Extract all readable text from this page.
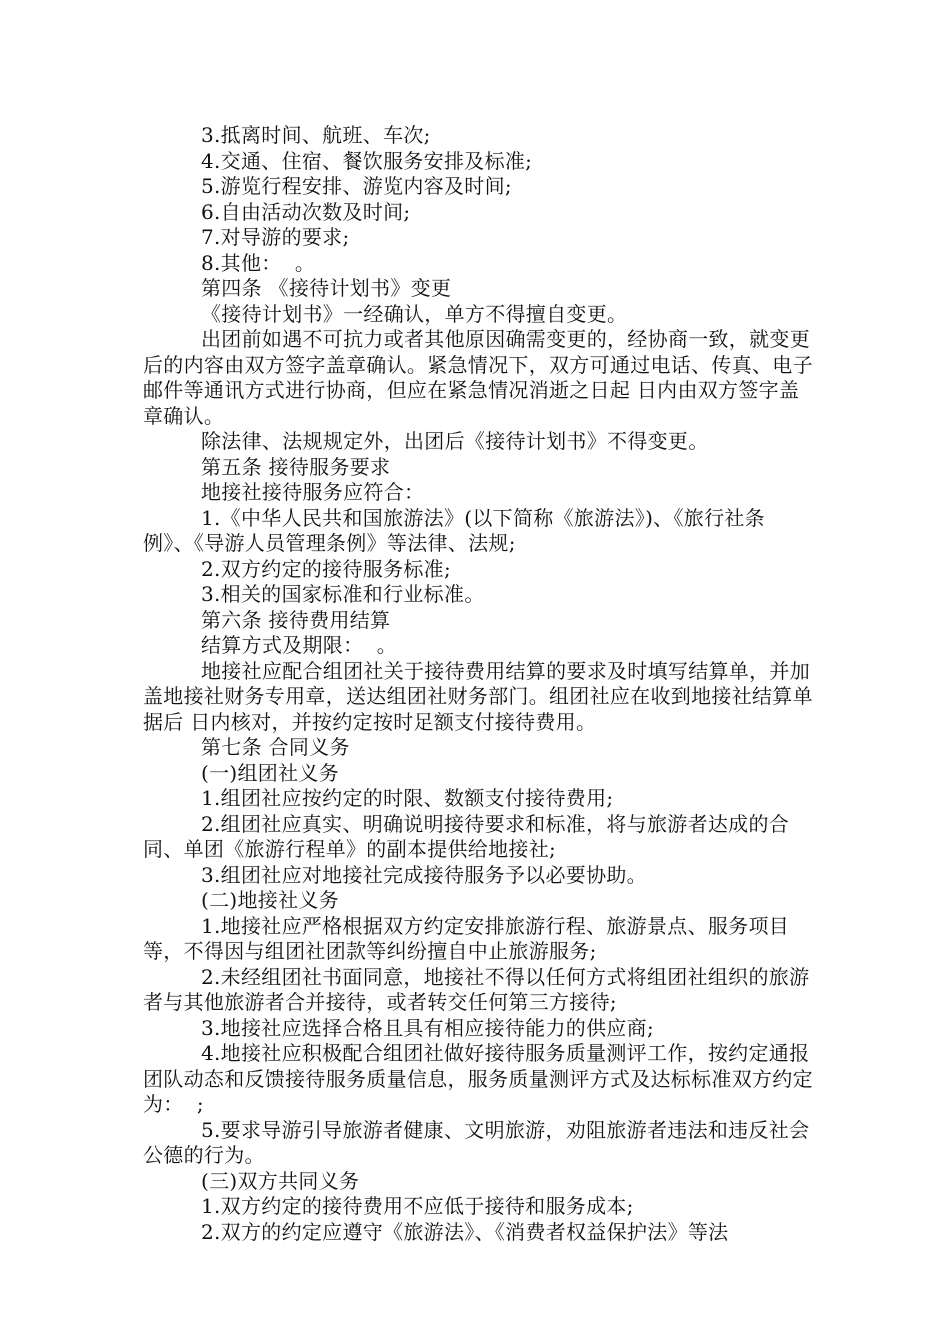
3.抵离时间、航班、车次;

4.交通、住宿、餐饮服务安排及标准;

5.游览行程安排、游览内容及时间;

6.自由活动次数及时间;

7.对导游的要求;

8.其他：  。

第四条 《接待计划书》变更

《接待计划书》一经确认，单方不得擅自变更。

出团前如遇不可抗力或者其他原因确需变更的，经协商一致，就变更后的内容由双方签字盖章确认。紧急情况下，双方可通过电话、传真、电子邮件等通讯方式进行协商，但应在紧急情况消逝之日起 日内由双方签字盖章确认。

除法律、法规规定外，出团后《接待计划书》不得变更。

第五条 接待服务要求

地接社接待服务应符合：

1.《中华人民共和国旅游法》(以下简称《旅游法》)、《旅行社条例》、《导游人员管理条例》等法律、法规;

2.双方约定的接待服务标准;

3.相关的国家标准和行业标准。

第六条 接待费用结算

结算方式及期限：  。

地接社应配合组团社关于接待费用结算的要求及时填写结算单，并加盖地接社财务专用章，送达组团社财务部门。组团社应在收到地接社结算单据后 日内核对，并按约定按时足额支付接待费用。

第七条 合同义务

(一)组团社义务

1.组团社应按约定的时限、数额支付接待费用;

2.组团社应真实、明确说明接待要求和标准，将与旅游者达成的合同、单团《旅游行程单》的副本提供给地接社;

3.组团社应对地接社完成接待服务予以必要协助。

(二)地接社义务

1.地接社应严格根据双方约定安排旅游行程、旅游景点、服务项目等，不得因与组团社团款等纠纷擅自中止旅游服务;

2.未经组团社书面同意，地接社不得以任何方式将组团社组织的旅游者与其他旅游者合并接待，或者转交任何第三方接待;

3.地接社应选择合格且具有相应接待能力的供应商;

4.地接社应积极配合组团社做好接待服务质量测评工作，按约定通报团队动态和反馈接待服务质量信息，服务质量测评方式及达标标准双方约定为：  ;

5.要求导游引导旅游者健康、文明旅游，劝阻旅游者违法和违反社会公德的行为。

(三)双方共同义务

1.双方约定的接待费用不应低于接待和服务成本;

2.双方的约定应遵守《旅游法》、《消费者权益保护法》等法
